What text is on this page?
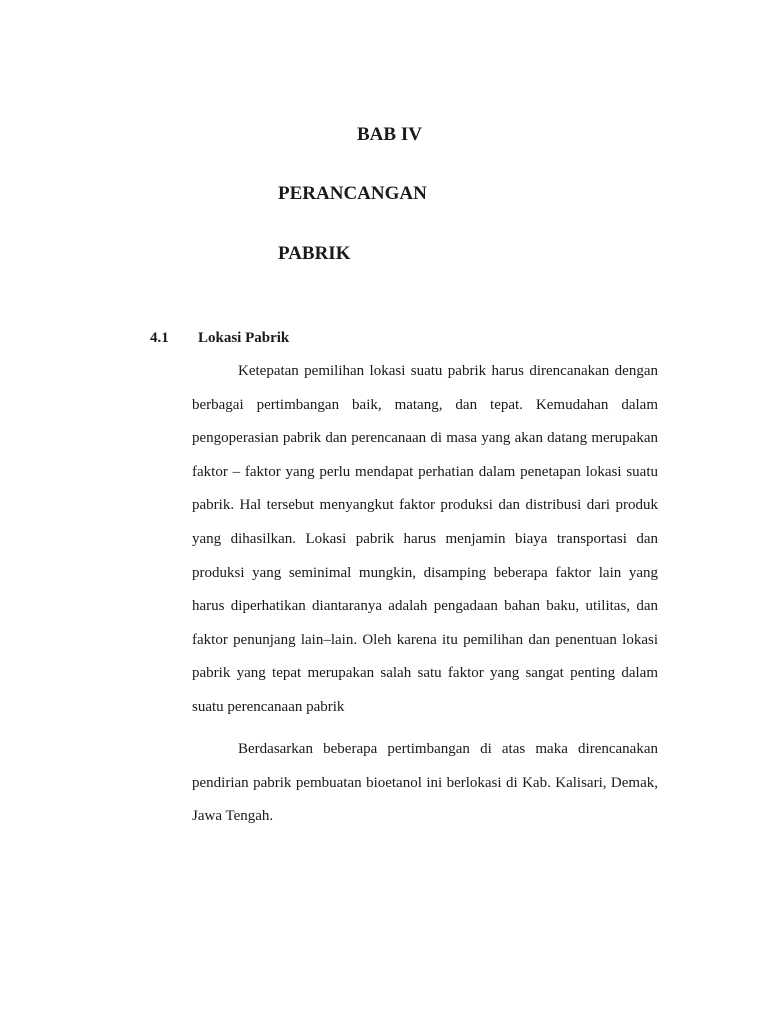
BAB IV
PERANCANGAN
PABRIK
4.1 Lokasi Pabrik

Ketepatan pemilihan lokasi suatu pabrik harus direncanakan dengan berbagai pertimbangan baik, matang, dan tepat. Kemudahan dalam pengoperasian pabrik dan perencanaan di masa yang akan datang merupakan faktor – faktor yang perlu mendapat perhatian dalam penetapan lokasi suatu pabrik. Hal tersebut menyangkut faktor produksi dan distribusi dari produk yang dihasilkan. Lokasi pabrik harus menjamin biaya transportasi dan produksi yang seminimal mungkin, disamping beberapa faktor lain yang harus diperhatikan diantaranya adalah pengadaan bahan baku, utilitas, dan faktor penunjang lain–lain. Oleh karena itu pemilihan dan penentuan lokasi pabrik yang tepat merupakan salah satu faktor yang sangat penting dalam suatu perencanaan pabrik

Berdasarkan beberapa pertimbangan di atas maka direncanakan pendirian pabrik pembuatan bioetanol ini berlokasi di Kab. Kalisari, Demak, Jawa Tengah.
